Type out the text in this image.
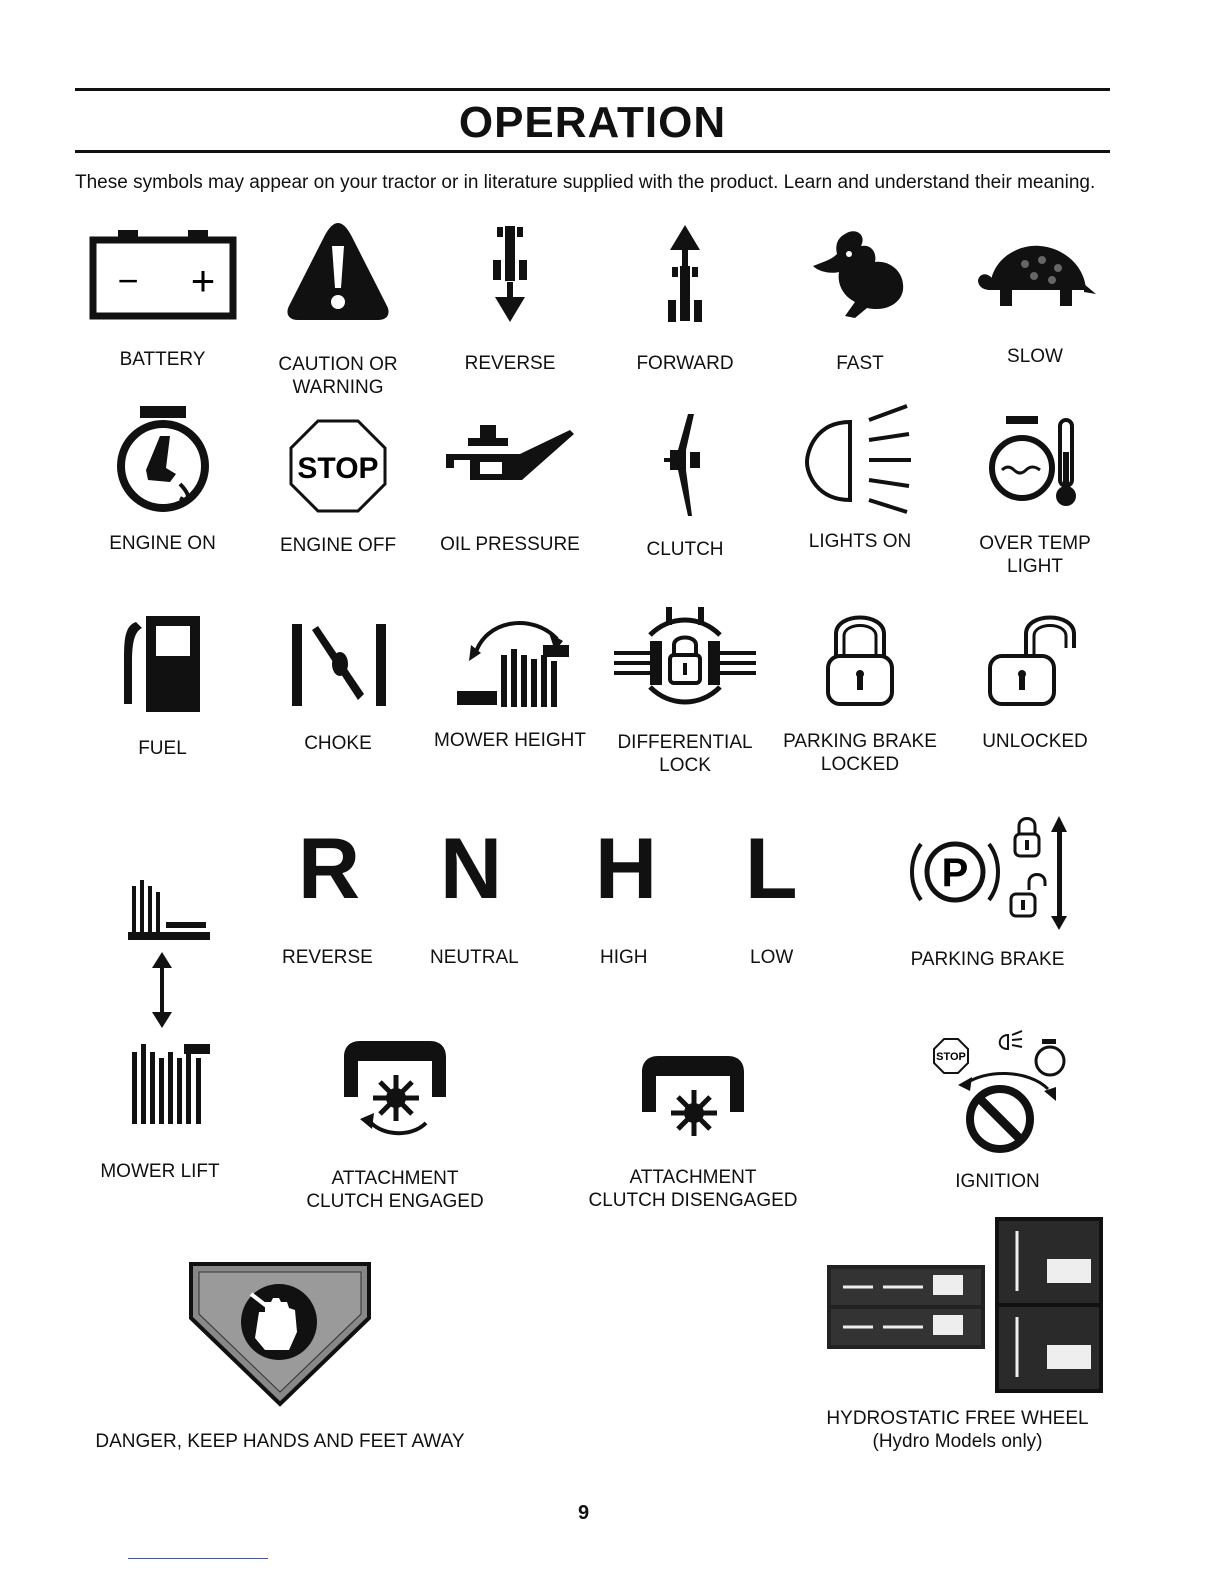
OPERATION
These symbols may appear on your tractor or in literature supplied with the product. Learn and understand their meaning.
− +
BATTERY	CAUTION OR
WARNING
REVERSE	FORWARD	FAST	SLOW
ENGINE ON
STOP
ENGINE OFF	OIL PRESSURE	CLUTCH	LIGHTS ON	OVER TEMP
LIGHT
FUEL	CHOKE	MOWER HEIGHT	DIFFERENTIAL
LOCK
PARKING BRAKE
LOCKED
UNLOCKED
R
REVERSE
N
NEUTRAL
H
HIGH
L
LOW
P
PARKING BRAKE
MOWER LIFT	ATTACHMENT
CLUTCH ENGAGED
ATTACHMENT
CLUTCH DISENGAGED
STOP
IGNITION
DANGER, KEEP HANDS AND FEET AWAY
HYDROSTATIC FREE WHEEL
(Hydro Models only)
9
